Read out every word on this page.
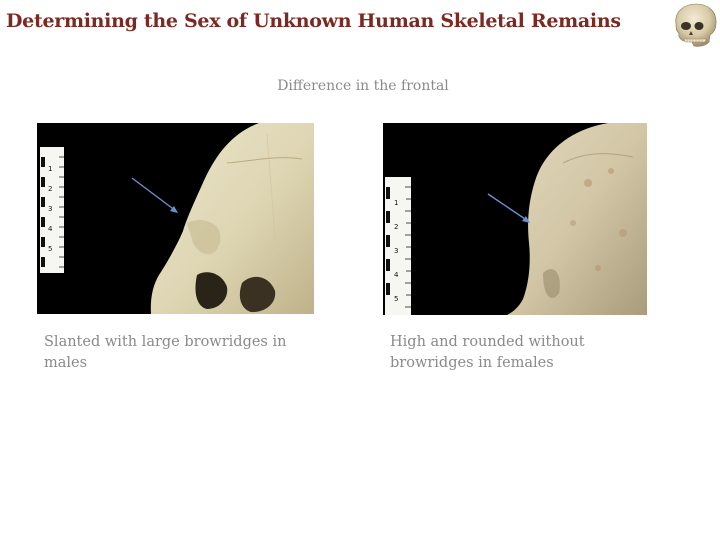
Determining the Sex of Unknown Human Skeletal Remains
Difference in the frontal
1
2
3
4
5
1
2
3
4
5
Slanted with large browridges in males
High and rounded without browridges in females
